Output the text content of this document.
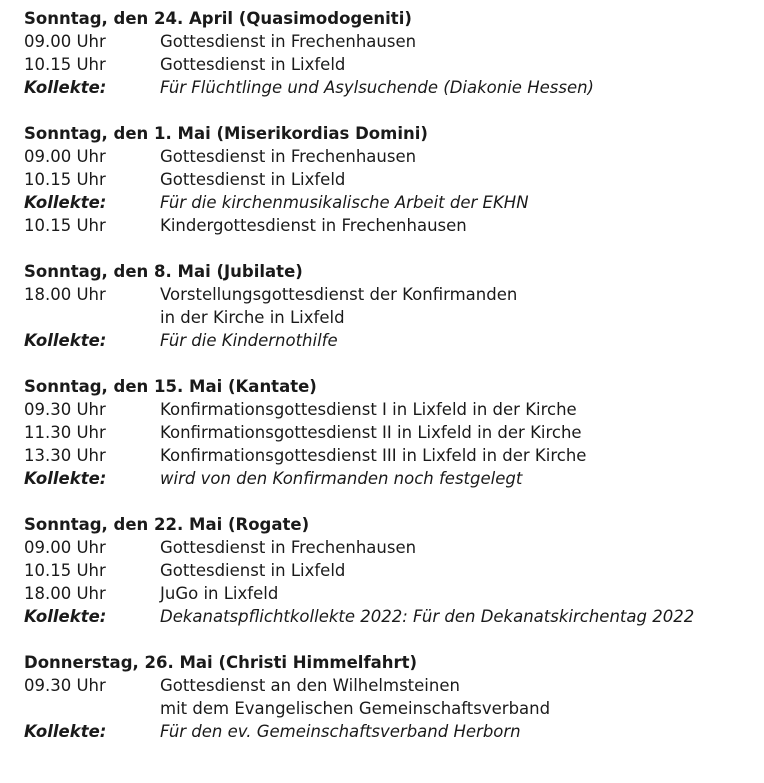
Sonntag, den 24. April (Quasimodogeniti)
09.00 Uhr	Gottesdienst in Frechenhausen
10.15 Uhr	Gottesdienst in Lixfeld
Kollekte:	Für Flüchtlinge und Asylsuchende (Diakonie Hessen)
Sonntag, den 1. Mai (Miserikordias Domini)
09.00 Uhr	Gottesdienst in Frechenhausen
10.15 Uhr	Gottesdienst in Lixfeld
Kollekte:	Für die kirchenmusikalische Arbeit der EKHN
10.15 Uhr	Kindergottesdienst in Frechenhausen
Sonntag, den 8. Mai (Jubilate)
18.00 Uhr	Vorstellungsgottesdienst der Konfirmanden
in der Kirche in Lixfeld
Kollekte:	Für die Kindernothilfe
Sonntag, den 15. Mai (Kantate)
09.30 Uhr	Konfirmationsgottesdienst I in Lixfeld in der Kirche
11.30 Uhr	Konfirmationsgottesdienst II in Lixfeld in der Kirche
13.30 Uhr	Konfirmationsgottesdienst III in Lixfeld in der Kirche
Kollekte:	wird von den Konfirmanden noch festgelegt
Sonntag, den 22. Mai (Rogate)
09.00 Uhr	Gottesdienst in Frechenhausen
10.15 Uhr	Gottesdienst in Lixfeld
18.00 Uhr	JuGo in Lixfeld
Kollekte:	Dekanatspflichtkollekte 2022: Für den Dekanatskirchentag 2022
Donnerstag, 26. Mai (Christi Himmelfahrt)
09.30 Uhr	Gottesdienst an den Wilhelmsteinen
mit dem Evangelischen Gemeinschaftsverband
Kollekte:	Für den ev. Gemeinschaftsverband Herborn
